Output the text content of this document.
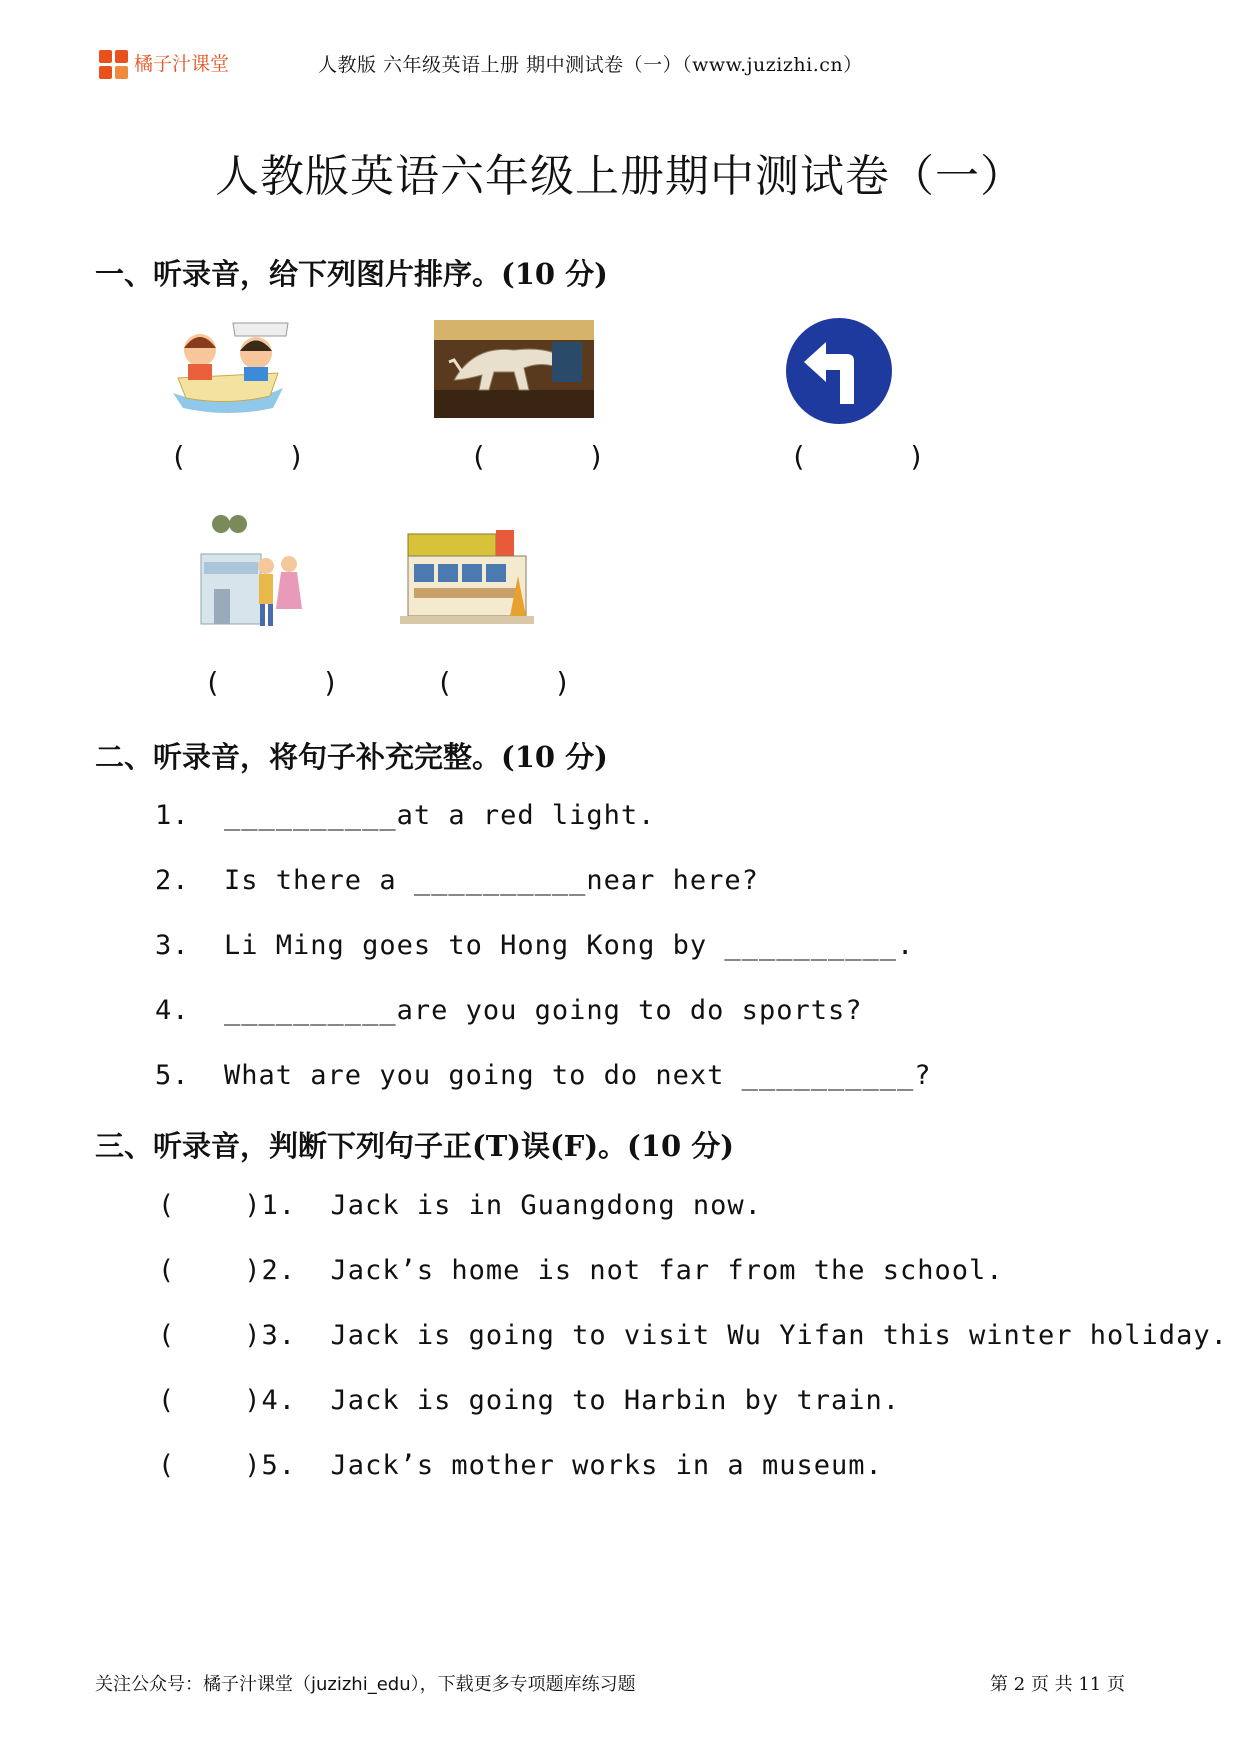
橘子汁课堂	人教版 六年级英语上册 期中测试卷（一）（www.juzizhi.cn）
人教版英语六年级上册期中测试卷（一）
一、听录音，给下列图片排序。(10 分)
(      )	(      )	(      )
(      )	(      )
二、听录音，将句子补充完整。(10 分)
1.  __________at a red light.
2.  Is there a __________near here?
3.  Li Ming goes to Hong Kong by __________.
4.  __________are you going to do sports?
5.  What are you going to do next __________?
三、听录音，判断下列句子正(T)误(F)。(10 分)
(    )1.  Jack is in Guangdong now.
(    )2.  Jack’s home is not far from the school.
(    )3.  Jack is going to visit Wu Yifan this winter holiday.
(    )4.  Jack is going to Harbin by train.
(    )5.  Jack’s mother works in a museum.
关注公众号：橘子汁课堂（juzizhi_edu），下载更多专项题库练习题	第 2 页 共 11 页
